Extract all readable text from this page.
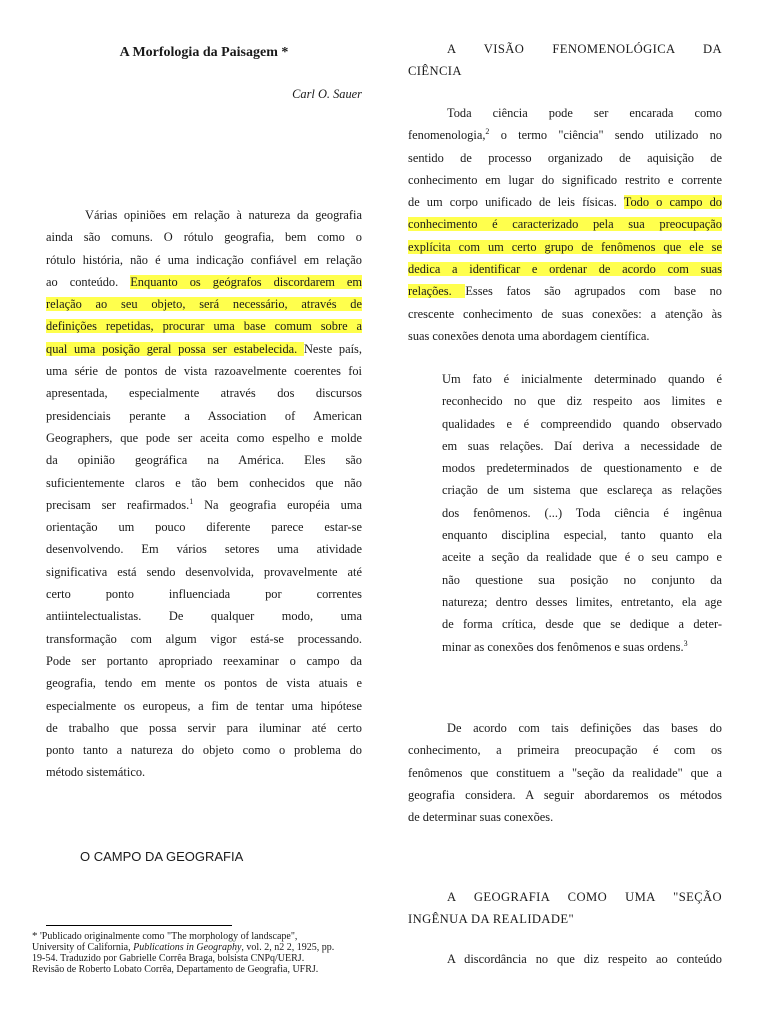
A Morfologia da Paisagem *
Carl O. Sauer

Várias opiniões em relação à natureza da geografia

ainda são comuns. O rótulo geografia, bem como o

rótulo história, não é uma indicação confiável em relação

ao conteúdo. Enquanto os geógrafos discordarem em

relação ao seu objeto, será necessário, através de

definições repetidas, procurar uma base comum sobre a

qual uma posição geral possa ser estabelecida. Neste país,

uma série de pontos de vista razoavelmente coerentes foi

apresentada, especialmente através dos discursos

presidenciais perante a Association of American

Geographers, que pode ser aceita como espelho e molde

da opinião geográfica na América. Eles são

suficientemente claros e tão bem conhecidos que não

precisam ser reafirmados.$^1$ Na geografia européia uma

orientação um pouco diferente parece estar-se

desenvolvendo. Em vários setores uma atividade

significativa está sendo desenvolvida, provavelmente até

certo ponto influenciada por correntes

antiintelectualistas. De qualquer modo, uma

transformação com algum vigor está-se processando.

Pode ser portanto apropriado reexaminar o campo da

geografia, tendo em mente os pontos de vista atuais e

especialmente os europeus, a fim de tentar uma hipótese

de trabalho que possa servir para iluminar até certo

ponto tanto a natureza do objeto como o problema do

método sistemático.

O CAMPO DA GEOGRAFIA
* 'Publicado originalmente como "The morphology of landscape",
University of California, Publications in Geography, vol. 2, n2 2, 1925, pp.
19-54. Traduzido por Gabrielle Corrêa Braga, bolsista CNPq/UERJ.
Revisão de Roberto Lobato Corrêa, Departamento de Geografia, UFRJ.

A VISÃO FENOMENOLÓGICA DA

CIÊNCIA

Toda ciência pode ser encarada como

fenomenologia,$^2$ o termo "ciência" sendo utilizado no

sentido de processo organizado de aquisição de

conhecimento em lugar do significado restrito e corrente

de um corpo unificado de leis físicas. Todo o campo do

conhecimento é caracterizado pela sua preocupação

explícita com um certo grupo de fenômenos que ele se

dedica a identificar e ordenar de acordo com suas

relações. Esses fatos são agrupados com base no

crescente conhecimento de suas conexões: a atenção às

suas conexões denota uma abordagem científica.

Um fato é inicialmente determinado quando é

reconhecido no que diz respeito aos limites e

qualidades e é compreendido quando observado

em suas relações. Daí deriva a necessidade de

modos predeterminados de questionamento e de

criação de um sistema que esclareça as relações

dos fenômenos. (...) Toda ciência é ingênua

enquanto disciplina especial, tanto quanto ela

aceite a seção da realidade que é o seu campo e

não questione sua posição no conjunto da

natureza; dentro desses limites, entretanto, ela age

de forma crítica, desde que se dedique a deter-

minar as conexões dos fenômenos e suas ordens.$^3$

De acordo com tais definições das bases do

conhecimento, a primeira preocupação é com os

fenômenos que constituem a "seção da realidade" que a

geografia considera. A seguir abordaremos os métodos

de determinar suas conexões.

A GEOGRAFIA COMO UMA "SEÇÃO

INGÊNUA DA REALIDADE"

A discordância no que diz respeito ao conteúdo
